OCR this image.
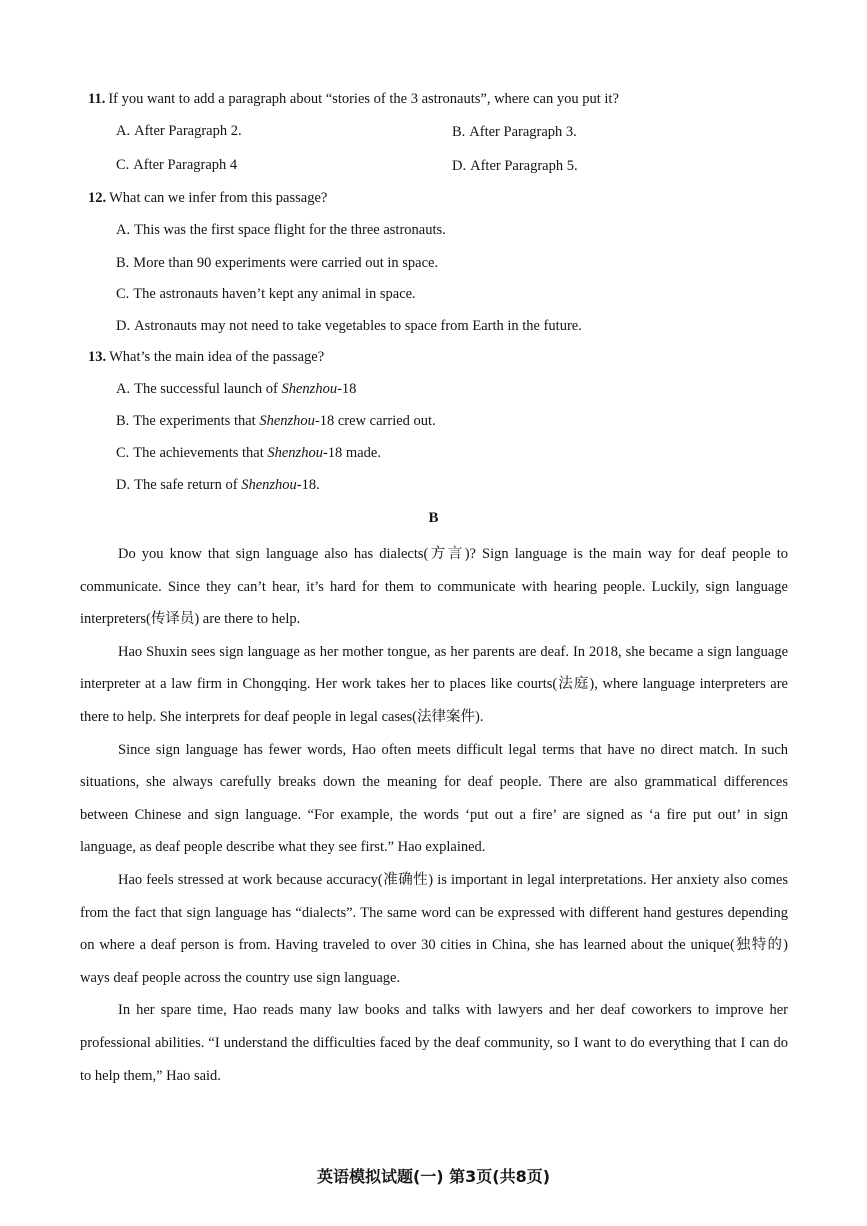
11. If you want to add a paragraph about “stories of the 3 astronauts”, where can you put it?
A. After Paragraph 2.	B. After Paragraph 3.
C. After Paragraph 4	D. After Paragraph 5.
12. What can we infer from this passage?
A. This was the first space flight for the three astronauts.
B. More than 90 experiments were carried out in space.
C. The astronauts haven’t kept any animal in space.
D. Astronauts may not need to take vegetables to space from Earth in the future.
13. What’s the main idea of the passage?
A. The successful launch of Shenzhou-18
B. The experiments that Shenzhou-18 crew carried out.
C. The achievements that Shenzhou-18 made.
D. The safe return of Shenzhou-18.
B

Do you know that sign language also has dialects(方言)? Sign language is the main way for deaf people to communicate. Since they can’t hear, it’s hard for them to communicate with hearing people. Luckily, sign language interpreters(传译员) are there to help.

Hao Shuxin sees sign language as her mother tongue, as her parents are deaf. In 2018, she became a sign language interpreter at a law firm in Chongqing. Her work takes her to places like courts(法庭), where language interpreters are there to help. She interprets for deaf people in legal cases(法律案件).

Since sign language has fewer words, Hao often meets difficult legal terms that have no direct match. In such situations, she always carefully breaks down the meaning for deaf people. There are also grammatical differences between Chinese and sign language. “For example, the words ‘put out a fire’ are signed as ‘a fire put out’ in sign language, as deaf people describe what they see first.” Hao explained.

Hao feels stressed at work because accuracy(准确性) is important in legal interpretations. Her anxiety also comes from the fact that sign language has “dialects”. The same word can be expressed with different hand gestures depending on where a deaf person is from. Having traveled to over 30 cities in China, she has learned about the unique(独特的) ways deaf people across the country use sign language.

In her spare time, Hao reads many law books and talks with lawyers and her deaf coworkers to improve her professional abilities. “I understand the difficulties faced by the deaf community, so I want to do everything that I can do to help them,” Hao said.

英语模拟试题(一) 第3页(共8页)
